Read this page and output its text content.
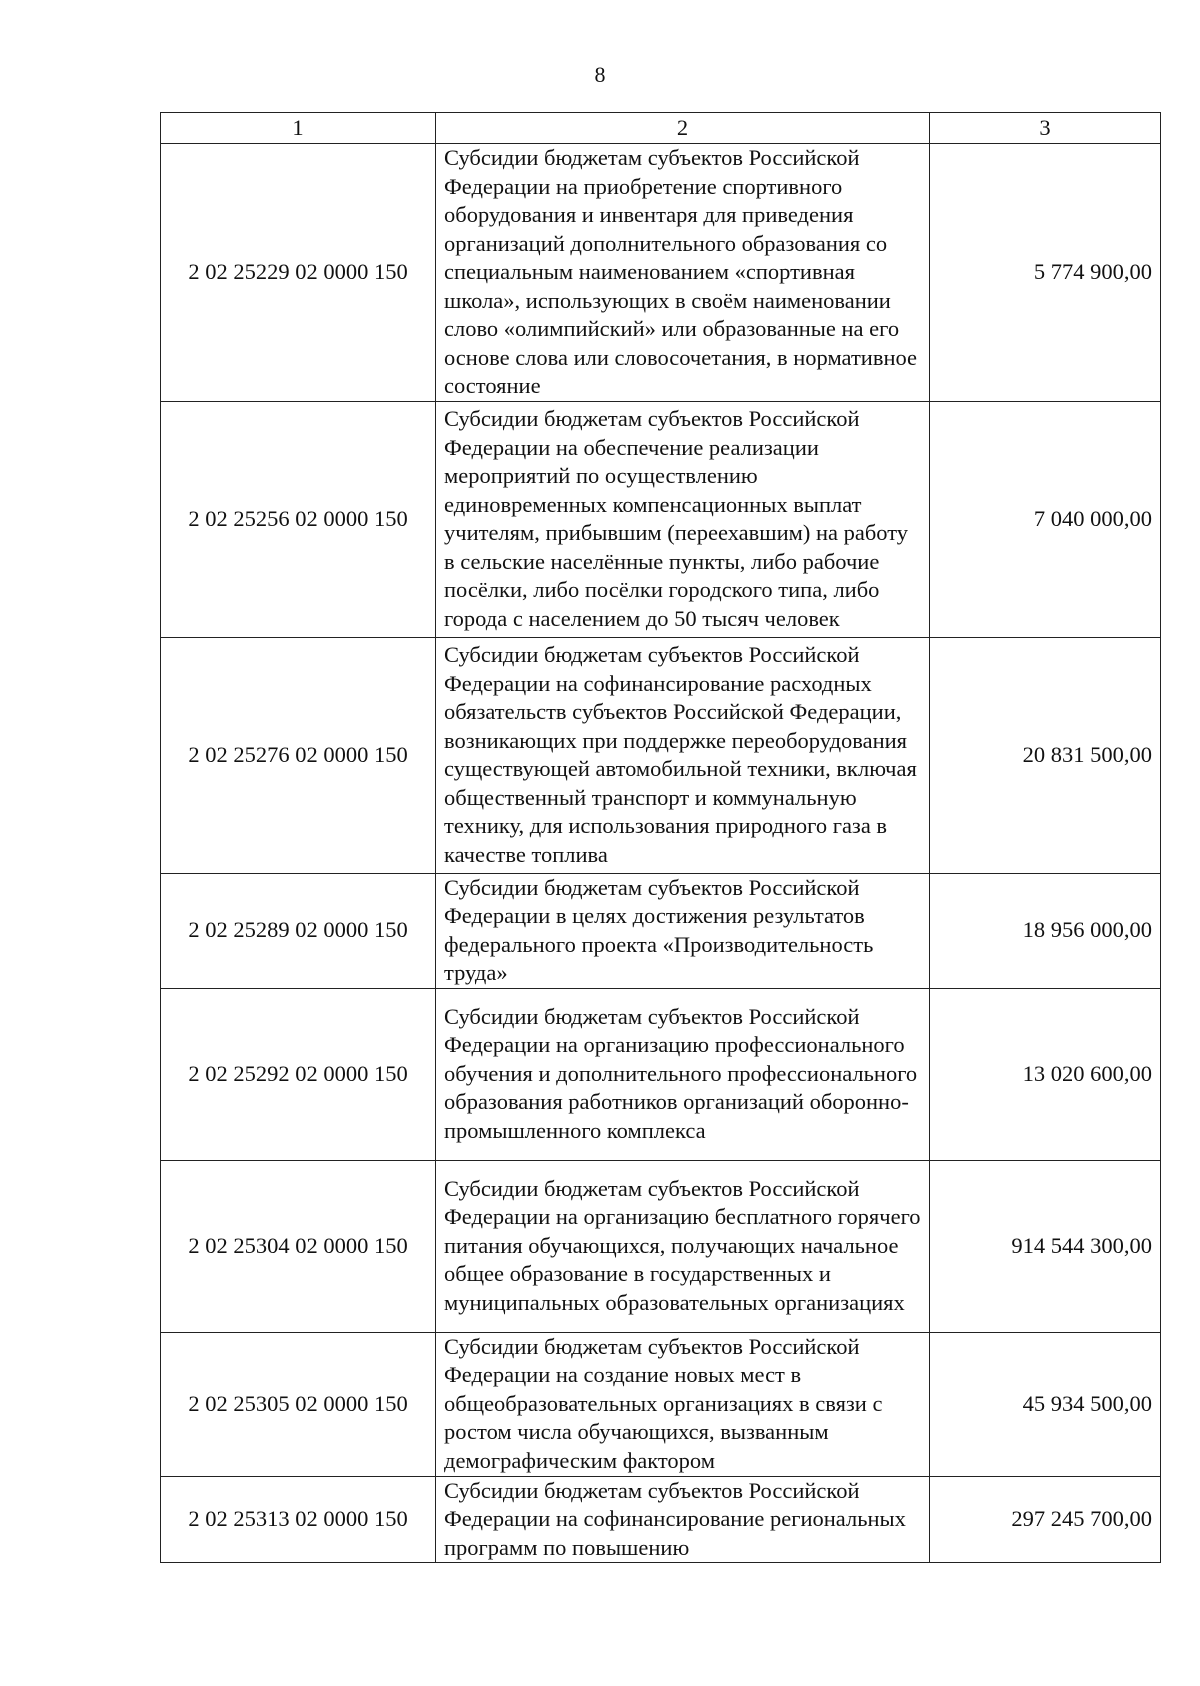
8
1	2	3
2 02 25229 02 0000 150	Субсидии бюджетам субъектов Российской Федерации на приобретение спортивного оборудования и инвентаря для приведения организаций дополнительного образования со специальным наименованием «спортивная школа», использующих в своём наименовании слово «олимпийский» или образованные на его основе слова или словосочетания, в нормативное состояние	5 774 900,00
2 02 25256 02 0000 150	Субсидии бюджетам субъектов Российской Федерации на обеспечение реализации мероприятий по осуществлению единовременных компенсационных выплат учителям, прибывшим (переехавшим) на работу в сельские населённые пункты, либо рабочие посёлки, либо посёлки городского типа, либо города с населением до 50 тысяч человек	7 040 000,00
2 02 25276 02 0000 150	Субсидии бюджетам субъектов Российской Федерации на софинансирование расходных обязательств субъектов Российской Федерации, возникающих при поддержке переоборудования существующей автомобильной техники, включая общественный транспорт и коммунальную технику, для использования природного газа в качестве топлива	20 831 500,00
2 02 25289 02 0000 150	Субсидии бюджетам субъектов Российской Федерации в целях достижения результатов федерального проекта «Производительность труда»	18 956 000,00
2 02 25292 02 0000 150	Субсидии бюджетам субъектов Российской Федерации на организацию профессионального обучения и дополнительного профессионального образования работников организаций оборонно-промышленного комплекса	13 020 600,00
2 02 25304 02 0000 150	Субсидии бюджетам субъектов Российской Федерации на организацию бесплатного горячего питания обучающихся, получающих начальное общее образование в государственных и муниципальных образовательных организациях	914 544 300,00
2 02 25305 02 0000 150	Субсидии бюджетам субъектов Российской Федерации на создание новых мест в общеобразовательных организациях в связи с ростом числа обучающихся, вызванным демографическим фактором	45 934 500,00
2 02 25313 02 0000 150	Субсидии бюджетам субъектов Российской Федерации на софинансирование региональных программ по повышению	297 245 700,00
